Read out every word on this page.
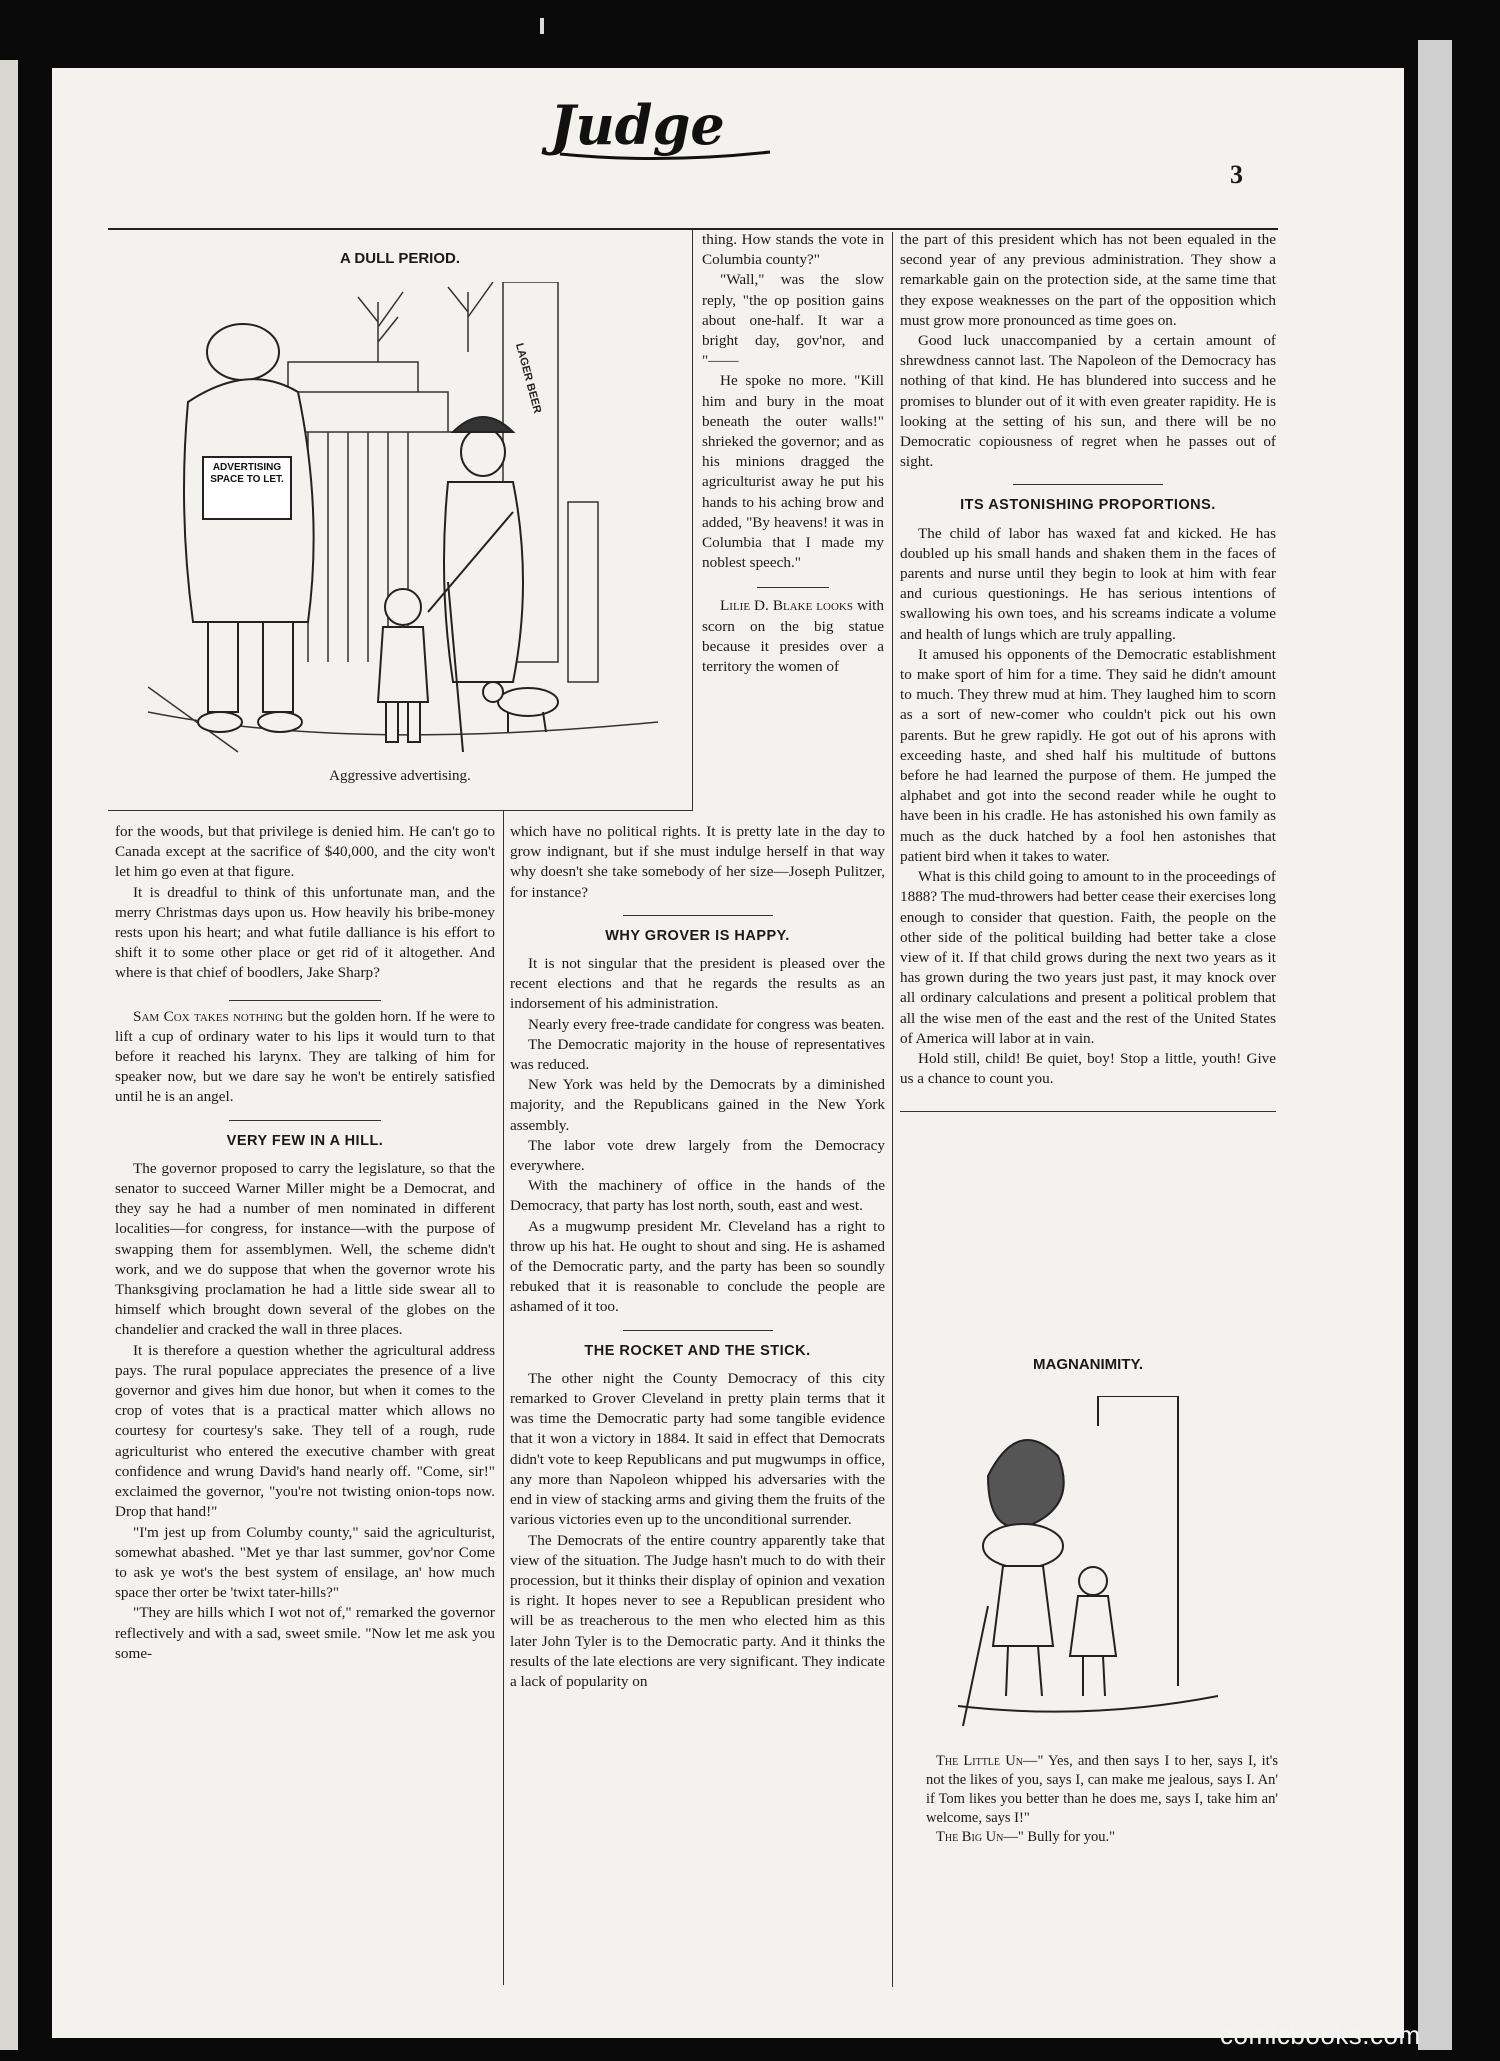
Judge
3
A DULL PERIOD.
LAGER BEER
ADVERTISING SPACE TO LET.
Aggressive advertising.

thing. How stands the vote in Columbia county?"

"Wall," was the slow reply, "the op position gains about one-half. It war a bright day, gov'nor, and "——

He spoke no more. "Kill him and bury in the moat beneath the outer walls!" shrieked the governor; and as his minions dragged the agriculturist away he put his hands to his aching brow and added, "By heavens! it was in Columbia that I made my noblest speech."

Lilie D. Blake looks with scorn on the big statue because it presides over a territory the women of

for the woods, but that privilege is denied him. He can't go to Canada except at the sacrifice of $40,000, and the city won't let him go even at that figure.

It is dreadful to think of this unfortunate man, and the merry Christmas days upon us. How heavily his bribe-money rests upon his heart; and what futile dalliance is his effort to shift it to some other place or get rid of it altogether. And where is that chief of boodlers, Jake Sharp?

Sam Cox takes nothing but the golden horn. If he were to lift a cup of ordinary water to his lips it would turn to that before it reached his larynx. They are talking of him for speaker now, but we dare say he won't be entirely satisfied until he is an angel.

VERY FEW IN A HILL.

The governor proposed to carry the legislature, so that the senator to succeed Warner Miller might be a Democrat, and they say he had a number of men nominated in different localities—for congress, for instance—with the purpose of swapping them for assemblymen. Well, the scheme didn't work, and we do suppose that when the governor wrote his Thanksgiving proclamation he had a little side swear all to himself which brought down several of the globes on the chandelier and cracked the wall in three places.

It is therefore a question whether the agricultural address pays. The rural populace appreciates the presence of a live governor and gives him due honor, but when it comes to the crop of votes that is a practical matter which allows no courtesy for courtesy's sake. They tell of a rough, rude agriculturist who entered the executive chamber with great confidence and wrung David's hand nearly off. "Come, sir!" exclaimed the governor, "you're not twisting onion-tops now. Drop that hand!"

"I'm jest up from Columby county," said the agriculturist, somewhat abashed. "Met ye thar last summer, gov'nor Come to ask ye wot's the best system of ensilage, an' how much space ther orter be 'twixt tater-hills?"

"They are hills which I wot not of," remarked the governor reflectively and with a sad, sweet smile. "Now let me ask you some-

which have no political rights. It is pretty late in the day to grow indignant, but if she must indulge herself in that way why doesn't she take somebody of her size—Joseph Pulitzer, for instance?

WHY GROVER IS HAPPY.

It is not singular that the president is pleased over the recent elections and that he regards the results as an indorsement of his administration.

Nearly every free-trade candidate for congress was beaten.

The Democratic majority in the house of representatives was reduced.

New York was held by the Democrats by a diminished majority, and the Republicans gained in the New York assembly.

The labor vote drew largely from the Democracy everywhere.

With the machinery of office in the hands of the Democracy, that party has lost north, south, east and west.

As a mugwump president Mr. Cleveland has a right to throw up his hat. He ought to shout and sing. He is ashamed of the Democratic party, and the party has been so soundly rebuked that it is reasonable to conclude the people are ashamed of it too.

THE ROCKET AND THE STICK.

The other night the County Democracy of this city remarked to Grover Cleveland in pretty plain terms that it was time the Democratic party had some tangible evidence that it won a victory in 1884. It said in effect that Democrats didn't vote to keep Republicans and put mugwumps in office, any more than Napoleon whipped his adversaries with the end in view of stacking arms and giving them the fruits of the various victories even up to the unconditional surrender.

The Democrats of the entire country apparently take that view of the situation. The Judge hasn't much to do with their procession, but it thinks their display of opinion and vexation is right. It hopes never to see a Republican president who will be as treacherous to the men who elected him as this later John Tyler is to the Democratic party. And it thinks the results of the late elections are very significant. They indicate a lack of popularity on

the part of this president which has not been equaled in the second year of any previous administration. They show a remarkable gain on the protection side, at the same time that they expose weaknesses on the part of the opposition which must grow more pronounced as time goes on.

Good luck unaccompanied by a certain amount of shrewdness cannot last. The Napoleon of the Democracy has nothing of that kind. He has blundered into success and he promises to blunder out of it with even greater rapidity. He is looking at the setting of his sun, and there will be no Democratic copiousness of regret when he passes out of sight.

ITS ASTONISHING PROPORTIONS.

The child of labor has waxed fat and kicked. He has doubled up his small hands and shaken them in the faces of parents and nurse until they begin to look at him with fear and curious questionings. He has serious intentions of swallowing his own toes, and his screams indicate a volume and health of lungs which are truly appalling.

It amused his opponents of the Democratic establishment to make sport of him for a time. They said he didn't amount to much. They threw mud at him. They laughed him to scorn as a sort of new-comer who couldn't pick out his own parents. But he grew rapidly. He got out of his aprons with exceeding haste, and shed half his multitude of buttons before he had learned the purpose of them. He jumped the alphabet and got into the second reader while he ought to have been in his cradle. He has astonished his own family as much as the duck hatched by a fool hen astonishes that patient bird when it takes to water.

What is this child going to amount to in the proceedings of 1888? The mud-throwers had better cease their exercises long enough to consider that question. Faith, the people on the other side of the political building had better take a close view of it. If that child grows during the next two years as it has grown during the two years just past, it may knock over all ordinary calculations and present a political problem that all the wise men of the east and the rest of the United States of America will labor at in vain.

Hold still, child! Be quiet, boy! Stop a little, youth! Give us a chance to count you.

MAGNANIMITY.
The Little Un—" Yes, and then says I to her, says I, it's not the likes of you, says I, can make me jealous, says I. An' if Tom likes you better than he does me, says I, take him an' welcome, says I!"
The Big Un—" Bully for you."
comicbooks.com
